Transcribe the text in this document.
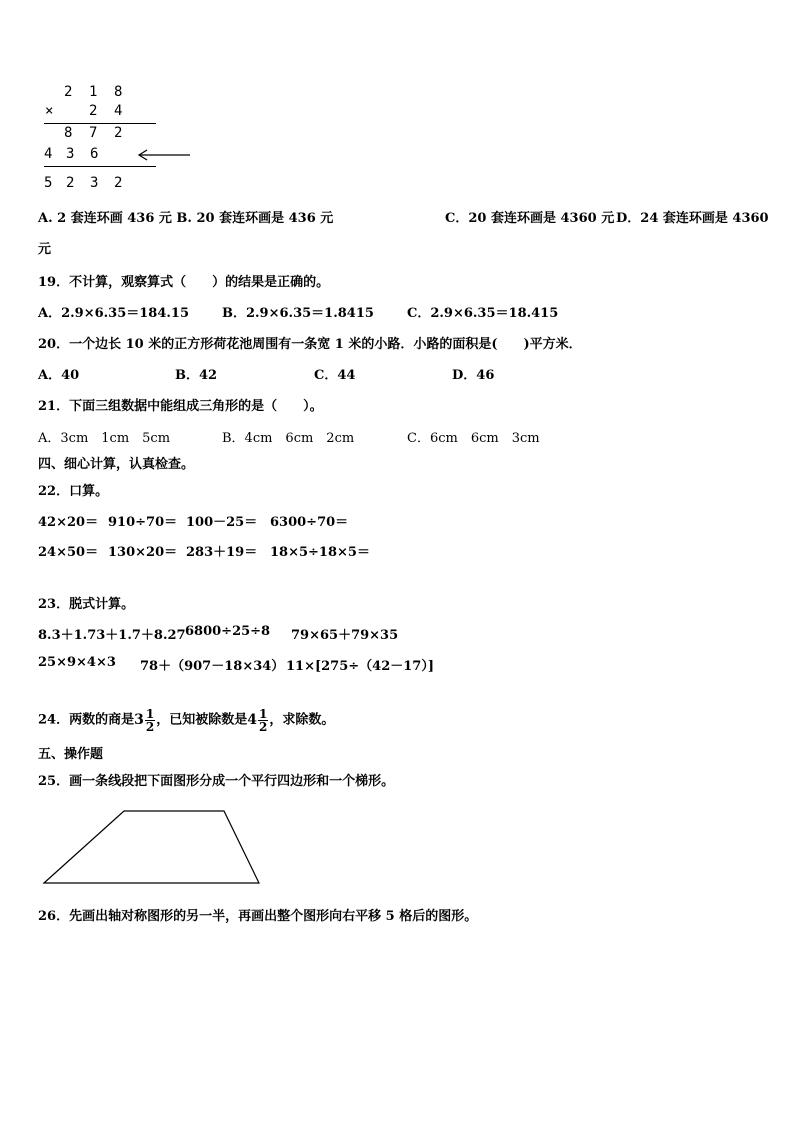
2 1 8
×	2 4
8 7 2
4 3 6
5 2 3 2
A. 2 套连环画 436 元 B. 20 套连环画是 436 元	C．20 套连环画是 4360 元 D．24 套连环画是 4360
元
19．不计算，观察算式（　　）的结果是正确的。
A．2.9×6.35＝184.15	B．2.9×6.35＝1.8415	C．2.9×6.35＝18.415
20．一个边长 10 米的正方形荷花池周围有一条宽 1 米的小路．小路的面积是(　　)平方米．
A．40	B．42	C．44	D．46
21．下面三组数据中能组成三角形的是（　　）。
A．3cm　1cm　5cm	B．4cm　6cm　2cm	C．6cm　6cm　3cm
四、细心计算，认真检查。
22．口算。
42×20＝ 910÷70＝ 100－25＝ 6300÷70＝
24×50＝ 130×20＝ 283＋19＝ 18×5÷18×5＝
23．脱式计算。
8.3＋1.73＋1.7＋8.27 6800÷25÷8 79×65＋79×35
25×9×4×3 78＋（907－18×34） 11×[275÷（42－17）]
24．两数的商是$3 \frac{1}{2}$ ，已知被除数是$4 \frac{1}{2}$ ，求除数。
五、操作题
25．画一条线段把下面图形分成一个平行四边形和一个梯形。
26．先画出轴对称图形的另一半，再画出整个图形向右平移 5 格后的图形。
